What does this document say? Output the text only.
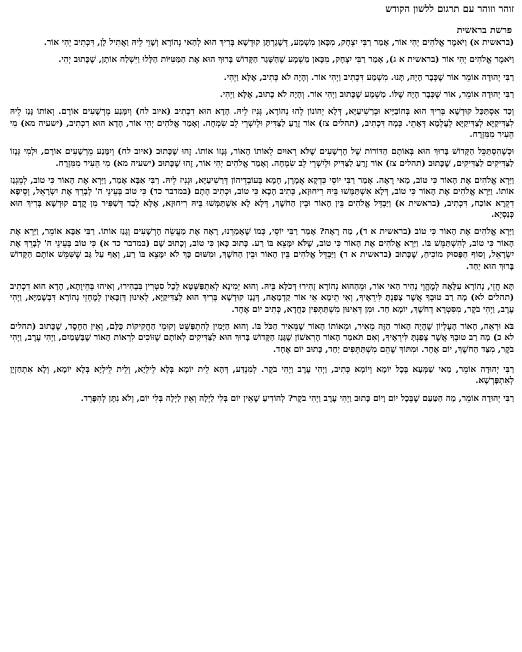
זוהר וזוהר עם תרגום ללשון הקודש
פרשת בראשית

(בראשית א) וַיֹּאמֶר אֱלֹהִים יְהִי אוֹר, אָמַר רַבִּי יִצְחָק, מִכָּאן מִשְׁמַע, דְּשָׁגַרְתָּן קוּדְשָׁא בְּרִיךְ הוּא לְהַאי נְהוֹרָא וְשָׁוֵי לֵיהּ וַאֲתִיל לָן, דִּכְתִיב יְהִי אוֹר.

וַיֹּאמֶר אֱלֹהִים יְהִי אוֹר (בראשית א ג), אָמַר רַבִּי יִצְחָק, מִכָּאן מַשְׁמָע שֶׁהַשָּׁגַר הַקָּדוֹשׁ בָּרוּךְ הוּא אֶת הַמַּטִּיּוֹת הַלָּלוּ וַיִּשְׁלַח אוֹתָן, שֶׁכָּתוּב יְהִי.

רַבִּי יְהוּדָה אוֹמֵר אוֹר שֶׁכְּבָר הָיָה, תָּנוּ. מִשְׁמַע דִּכְתִיב וַיְהִי אוֹר. וְהָיָה לֹא כְּתִיב, אֶלָּא וַיְהִי.

רַבִּי יְהוּדָה אוֹמֵר, אוֹר שֶׁכְּבָר הָיָה שֶׁלּוֹ. מַשְׁמָע שֶׁכָּתוּב וַיְהִי אוֹר. וְהָיָה לֹא כָתוּב, אֶלָּא וַיְהִי.

וְכַד אִסְתַּכַּל קוּדְשָׁא בְּרִיךְ הוּא בְּחוֹבַיָּיא וּבְרַשִׁיעַיָּא, דְּלָא יְהוֹנוֹן לְהוּ נְהוֹרָא, גְּנִיז לֵיהּ. הָדָא הוּא דִכְתִיב (איוב לח) וְיִמָּנַע מֵרְשָׁעִים אוֹרָם. וְאוֹתוֹ גָּנַז לֵיהּ לִצַּדִּיקַיָּא לְצַדִּיקַיָּא לְעָלְמָא דְּאָתֵי. כְּמָה דִּכְתִיב, (תהלים צז) אוֹר זָרֻעַ לַצַּדִּיק וּלְיִשְׁרֵי לֵב שִׂמְחָה. וְאָמַר אֱלֹהִים יְהִי אוֹר, הָדָא הוּא דִכְתִיב, (ישעיה מא) מִי הֵעִיר מִמִּזְרָח.

וּכְשֶׁהִסְתַּכֵּל הַקָּדוֹשׁ בָּרוּךְ הוּא בְּאוֹתָם הַדּוֹרוֹת שֶׁל הָרְשָׁעִים שֶׁלֹּא רְאוּיִם לֵאוֹתוֹ הָאוֹר, גְּנָזוֹ אוֹתוֹ. זֶהוּ שֶׁכָּתוּב (איוב לח) וְיִמָּנַע מֵרְשָׁעִים אוֹרָם, וּלְמִי גְּנָזוֹ לַצַּדִּיקִים לַצַּדִּיקִים, שֶׁכָּתוּב (תהלים צז) אוֹר זָרֻעַ לַצַּדִּיק וּלְיִשְׁרֵי לֵב שִׂמְחָה. וְאָמַר אֱלֹהִים יְהִי אוֹר, זֶהוּ שֶׁכָּתוּב (ישעיה מא) מִי הֵעִיר מִמִּזְרָח.

וַיַּרְא אֱלֹהִים אֶת הָאוֹר כִּי טוֹב, מַאי רָאָה. אָמַר רַבִּי יוֹסֵי כִּדְקָא אֲמָרָן, חָמָא בְּעוֹבְדֵיהוֹן דְּרַשִׁיעַיָּא, וּגְנִיז לֵיהּ. רַבִּי אַבָּא אָמַר, וַיַּרְא אֶת הָאוֹר כִּי טוֹב, לְמֵגְנַז אוֹתוֹ. וַיַּרְא אֱלֹהִים אֶת הָאוֹר כִּי טוֹב, דְּלָא אִשְׁתַּמְּשׁוּ בֵּיהּ רִיחוּזָא, כְּתִיב הָכָא כִּי טוֹב, וּכְתִיב הָתָם (במדבר כד) כִּי טוֹב בְּעֵינֵי ה' לְבָרֵךְ אֶת יִשְׂרָאֵל, וְסֵיפָא דִקְרָא אוֹכַח, דִּכְתִיב, (בראשית א) וַיַּבְדֵּל אֱלֹהִים בֵּין הָאוֹר וּבֵין הַחֹשֶׁךְ, דְּלָא לָא אִשְׁתַּמְּשׁוּ בֵּיהּ רִיחוּזָא, אֶלָּא לְבַד דְּשַׁפִּיר מִן קֳדָם קוּדְשָׁא בְּרִיךְ הוּא כְּנַסְיָא.

וַיַּרְא אֱלֹהִים אֶת הָאוֹר כִּי טוֹב (בראשית א ד), מַה רָאָה? אָמַר רַבִּי יוֹסֵי, כְּמוֹ שֶׁאָמַרְנוּ, רָאָה אֶת מַעֲשֵׂה הָרְשָׁעִים וְגָנַז אוֹתוֹ. רַבִּי אַבָּא אוֹמֵר, וַיַּרְא אֶת הָאוֹר כִּי טוֹב, לְהִשְׁתַּמֵּשׁ בּוֹ. וַיַּרְא אֱלֹהִים אֶת הָאוֹר כִּי טוֹב, שֶׁלֹּא יִמָּצֵא בּוֹ רַע. כָּתוּב כָּאן כִּי טוֹב, וְכָתוּב שָׁם (במדבר כד א) כִּי טוֹב בְּעֵינֵי ה' לְבָרֵךְ אֶת יִשְׂרָאֵל, וְסוֹף הַפָּסוּק מוֹכִיחַ, שֶׁכָּתוּב (בראשית א ד) וַיַּבְדֵּל אֱלֹהִים בֵּין הָאוֹר וּבֵין הַחֹשֶׁךְ, וּמִשּׁוּם כָּךְ לֹא יִמָּצֵא בּוֹ רַע, וְאַף עַל גַּב שֶׁשִּׁמֵּשׁ אוֹתָם הַקָּדוֹשׁ בָּרוּךְ הוּא יַחַד.

תָּא חֲזֵי, נְהוֹרָא עִלָּאָה לְמֶהֱוֵי נְהִיר הַאי אוֹר, וּמֵהַהוּא נְהוֹרָא זָהִירוּ דְּכֹלָּא בֵּיהּ. וְהוּא יְמִינָא לְאִתְפַּשְּׁטָא לְכָל סִטְרִין בִּבְהִירוּ, וְאִיהוּ בְּחֵיוָתָא, הָדָא הוּא דִכְתִיב (תהלים לא) מָה רַב טוּבְךָ אֲשֶׁר צָפַנְתָּ לִּירֵאֶיךָ, וְאִי תֵימָא אֵי אוֹר קַדְמָאָה, דְּגָנַז קוּדְשָׁא בְּרִיךְ הוּא לְצַדִּיקַיָּא, לְאִינוּן דְּזַכָּאִין לְמֶחְזֵי נְהוֹרָא דִּבְשָׁמַיָּא, וַיְהִי עֶרֶב, וַיְהִי בֹקֶר, מִסִּטְרָא דְחֹשֶׁךְ, יוֹמָא חַד. וּמִן דְּאִינּוּן מִשְׁתַּתְּפִין כַּחֲדָא, כְּתִיב יוֹם אֶחָד.

בֹּא וּרְאֵה, הָאוֹר הָעֶלְיוֹן שֶׁהָיָה הָאוֹר הַזֶּה מֵאִיר, וּמֵאוֹתוֹ הָאוֹר שֶׁמֵּאִיר הַכֹּל בּוֹ. וְהוּא הַיָּמִין לְהִתְפַּשֵּׁט וְקוּמֵי הַחֲקִיקוֹת כֻּלָּם, וְאֵין הַחֶסֶד, שֶׁכָּתוּב (תהלים לא כ) מָה רַב טוּבְךָ אֲשֶׁר צָפַנְתָּ לִּירֵאֶיךָ, וְאִם תֹּאמַר הָאוֹר הָרִאשׁוֹן שֶׁגָּנַז הַקָּדוֹשׁ בָּרוּךְ הוּא לַצַּדִּיקִים לְאוֹתָם שֶׁזּוֹכִים לִרְאוֹת הָאוֹר שֶׁבַּשָּׁמַיִם, וַיְהִי עֶרֶב, וַיְהִי בֹקֶר, מִצַּד הַחֹשֶׁךְ, יוֹם אֶחָד. וּמִתּוֹךְ שֶׁהֵם מִשְׁתַּתְּפִים יַחַד, כָּתוּב יוֹם אֶחָד.

רַבִּי יְהוּדָה אוֹמֵר, מַאי שַׁמְּעָא בְּכָל יוֹמָא וְיוֹמָא כְּתִיב, וַיְהִי עֶרֶב וַיְהִי בֹקֶר. לְמִנְדַּע, דְּהָא לֵית יוֹמָא בְּלָא לֵילְיָא, וְלֵית לֵילְיָא בְּלָא יוֹמָא, וְלָא אִתְחַזְיָן לְאִתְפָּרְשָׁא.

רַבִּי יְהוּדָה אוֹמֵר, מַה הַטַּעַם שֶׁבְּכָל יוֹם וָיוֹם כָּתוּב וַיְהִי עֶרֶב וַיְהִי בֹקֶר? לְהוֹדִיעַ שֶׁאֵין יוֹם בְּלִי לַיְלָה וְאֵין לַיְלָה בְּלִי יוֹם, וְלֹא נִתָּן לְהִפָּרֵד.
